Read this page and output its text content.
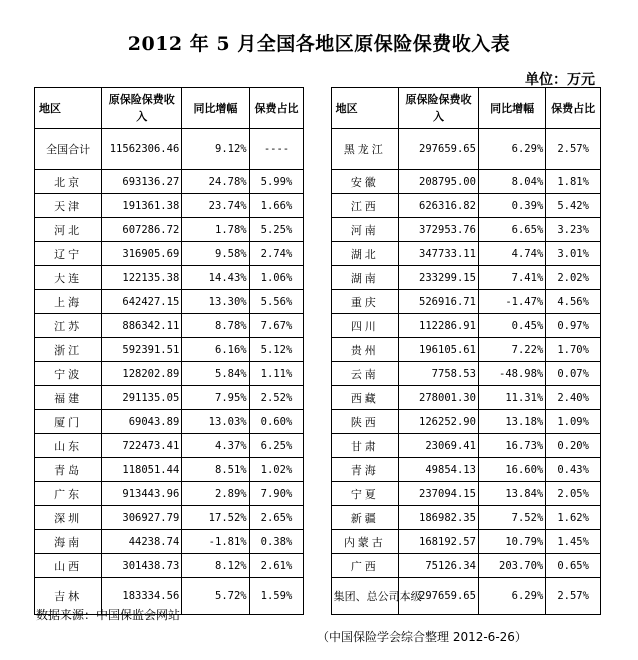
2012 年 5 月全国各地区原保险保费收入表
单位：万元
地区	原保险保费收入	同比增幅	保费占比		地区	原保险保费收入	同比增幅	保费占比
全国合计	11562306.46	9.12%	----		黑龙江	297659.65	6.29%	2.57%
北京	693136.27	24.78%	5.99%		安徽	208795.00	8.04%	1.81%
天津	191361.38	23.74%	1.66%		江西	626316.82	0.39%	5.42%
河北	607286.72	1.78%	5.25%		河南	372953.76	6.65%	3.23%
辽宁	316905.69	9.58%	2.74%		湖北	347733.11	4.74%	3.01%
大连	122135.38	14.43%	1.06%		湖南	233299.15	7.41%	2.02%
上海	642427.15	13.30%	5.56%		重庆	526916.71	-1.47%	4.56%
江苏	886342.11	8.78%	7.67%		四川	112286.91	0.45%	0.97%
浙江	592391.51	6.16%	5.12%		贵州	196105.61	7.22%	1.70%
宁波	128202.89	5.84%	1.11%		云南	7758.53	-48.98%	0.07%
福建	291135.05	7.95%	2.52%		西藏	278001.30	11.31%	2.40%
厦门	69043.89	13.03%	0.60%		陕西	126252.90	13.18%	1.09%
山东	722473.41	4.37%	6.25%		甘肃	23069.41	16.73%	0.20%
青岛	118051.44	8.51%	1.02%		青海	49854.13	16.60%	0.43%
广东	913443.96	2.89%	7.90%		宁夏	237094.15	13.84%	2.05%
深圳	306927.79	17.52%	2.65%		新疆	186982.35	7.52%	1.62%
海南	44238.74	-1.81%	0.38%		内蒙古	168192.57	10.79%	1.45%
山西	301438.73	8.12%	2.61%		广西	75126.34	203.70%	0.65%
吉林	183334.56	5.72%	1.59%		集团、总公司本级	297659.65	6.29%	2.57%
数据来源：中国保监会网站
（中国保险学会综合整理 2012-6-26）
